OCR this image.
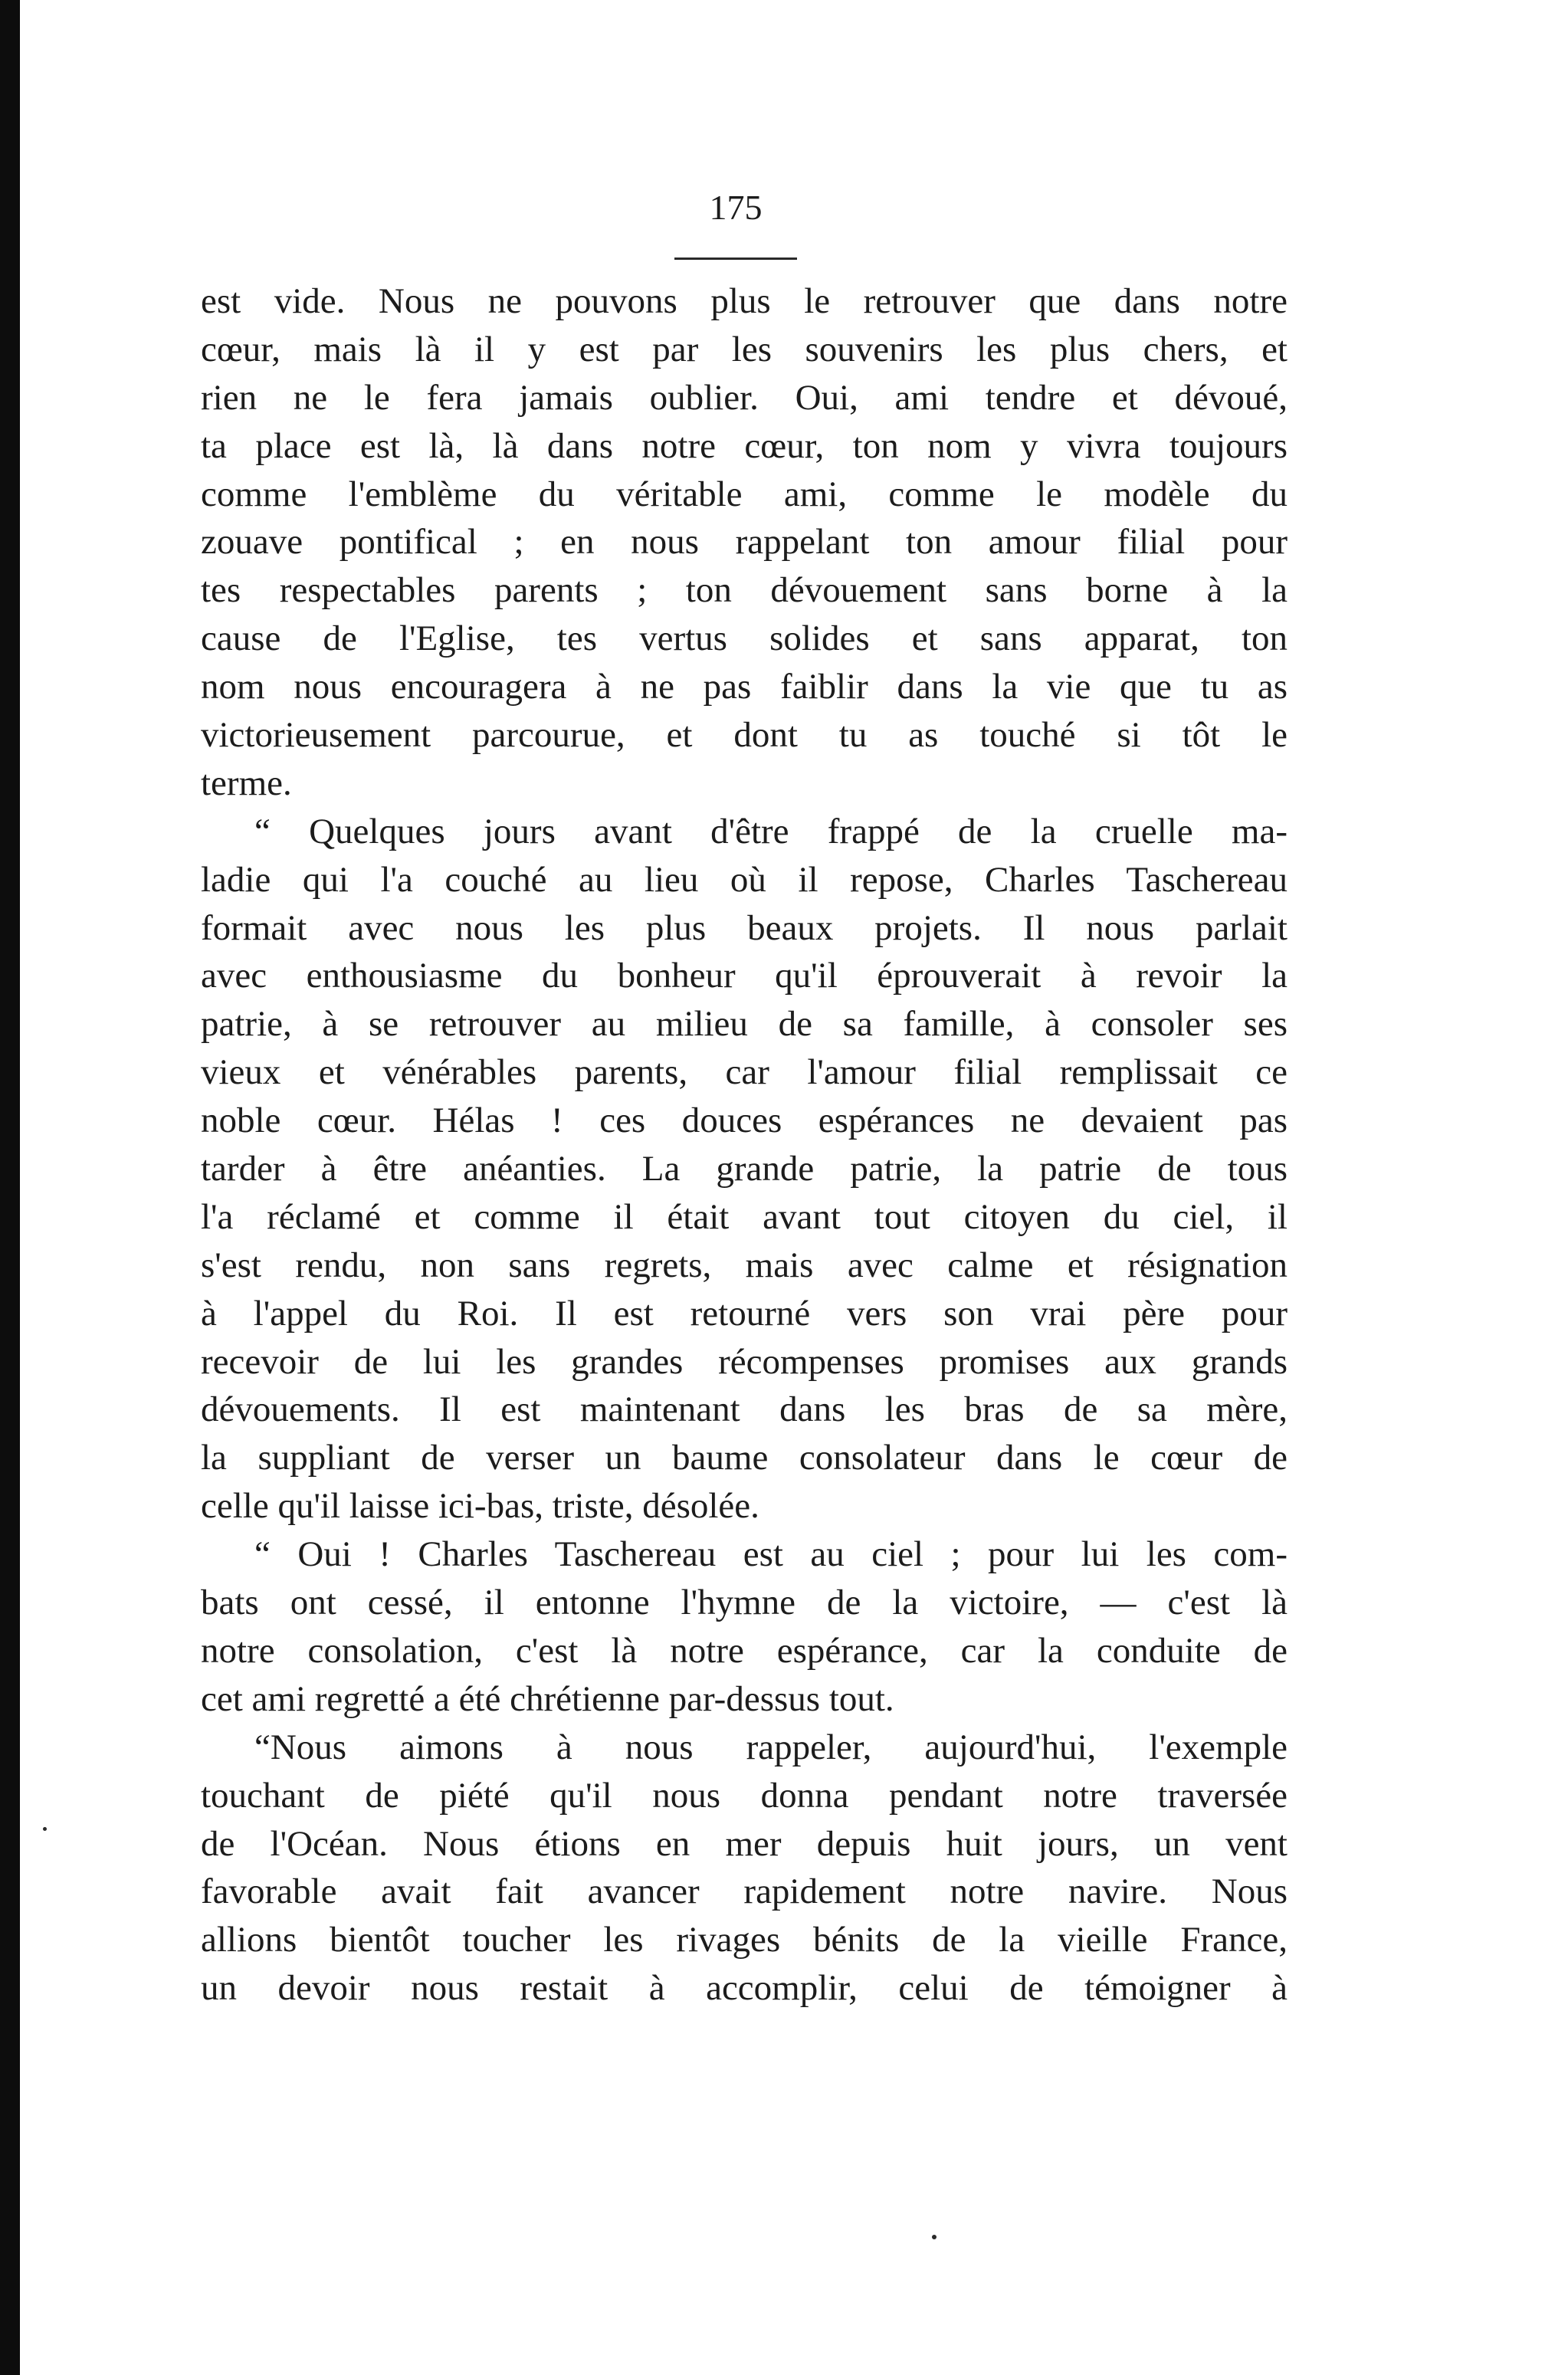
175
est vide. Nous ne pouvons plus le retrouver que dans notre
cœur, mais là il y est par les souvenirs les plus chers, et
rien ne le fera jamais oublier. Oui, ami tendre et dévoué,
ta place est là, là dans notre cœur, ton nom y vivra toujours
comme l'emblème du véritable ami, comme le modèle du
zouave pontifical ; en nous rappelant ton amour filial pour
tes respectables parents ; ton dévouement sans borne à la
cause de l'Eglise, tes vertus solides et sans apparat, ton
nom nous encouragera à ne pas faiblir dans la vie que tu as
victorieusement parcourue, et dont tu as touché si tôt le
terme.
“ Quelques jours avant d'être frappé de la cruelle ma-
ladie qui l'a couché au lieu où il repose, Charles Taschereau
formait avec nous les plus beaux projets. Il nous parlait
avec enthousiasme du bonheur qu'il éprouverait à revoir la
patrie, à se retrouver au milieu de sa famille, à consoler ses
vieux et vénérables parents, car l'amour filial remplissait ce
noble cœur. Hélas ! ces douces espérances ne devaient pas
tarder à être anéanties. La grande patrie, la patrie de tous
l'a réclamé et comme il était avant tout citoyen du ciel, il
s'est rendu, non sans regrets, mais avec calme et résignation
à l'appel du Roi. Il est retourné vers son vrai père pour
recevoir de lui les grandes récompenses promises aux grands
dévouements. Il est maintenant dans les bras de sa mère,
la suppliant de verser un baume consolateur dans le cœur de
celle qu'il laisse ici-bas, triste, désolée.
“ Oui ! Charles Taschereau est au ciel ; pour lui les com-
bats ont cessé, il entonne l'hymne de la victoire, — c'est là
notre consolation, c'est là notre espérance, car la conduite de
cet ami regretté a été chrétienne par-dessus tout.
“Nous aimons à nous rappeler, aujourd'hui, l'exemple
touchant de piété qu'il nous donna pendant notre traversée
de l'Océan. Nous étions en mer depuis huit jours, un vent
favorable avait fait avancer rapidement notre navire. Nous
allions bientôt toucher les rivages bénits de la vieille France,
un devoir nous restait à accomplir, celui de témoigner à
